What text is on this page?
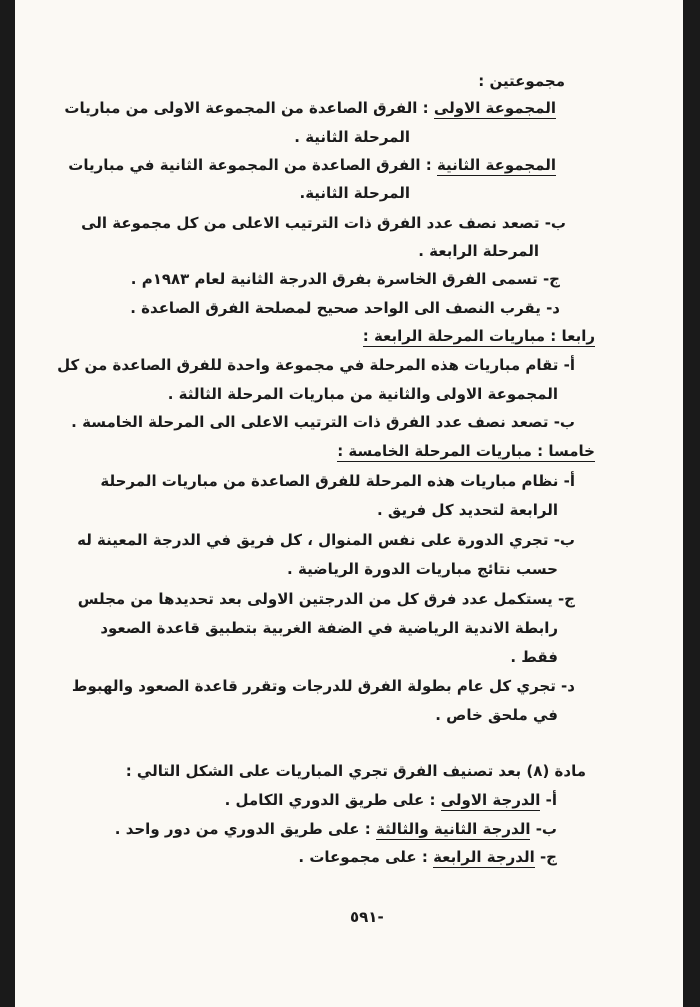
مجموعتين :
المجموعة الاولى : الفرق الصاعدة من المجموعة الاولى من مباريات
المرحلة الثانية .
المجموعة الثانية : الفرق الصاعدة من المجموعة الثانية في مباريات
المرحلة الثانية.
ب- تصعد نصف عدد الفرق ذات الترتيب الاعلى من كل مجموعة الى
المرحلة الرابعة .
ج- تسمى الفرق الخاسرة بفرق الدرجة الثانية لعام ١٩٨٣م .
د- يقرب النصف الى الواحد صحيح لمصلحة الفرق الصاعدة .
رابعا : مباريات المرحلة الرابعة :
أ- تقام مباريات هذه المرحلة في مجموعة واحدة للفرق الصاعدة من كل
المجموعة الاولى والثانية من مباريات المرحلة الثالثة .
ب- تصعد نصف عدد الفرق ذات الترتيب الاعلى الى المرحلة الخامسة .
خامسا : مباريات المرحلة الخامسة :
أ- نظام مباريات هذه المرحلة للفرق الصاعدة من مباريات المرحلة
الرابعة لتحديد كل فريق .
ب- تجري الدورة على نفس المنوال ، كل فريق في الدرجة المعينة له
حسب نتائج مباريات الدورة الرياضية .
ج- يستكمل عدد فرق كل من الدرجتين الاولى بعد تحديدها من مجلس
رابطة الاندية الرياضية في الضفة الغربية بتطبيق قاعدة الصعود
فقط .
د- تجري كل عام بطولة الفرق للدرجات وتقرر قاعدة الصعود والهبوط
في ملحق خاص .
مادة (٨) بعد تصنيف الفرق تجري المباريات على الشكل التالي :
أ- الدرجة الاولى : على طريق الدوري الكامل .
ب- الدرجة الثانية والثالثة : على طريق الدوري من دور واحد .
ج- الدرجة الرابعة : على مجموعات .
-٥٩١
